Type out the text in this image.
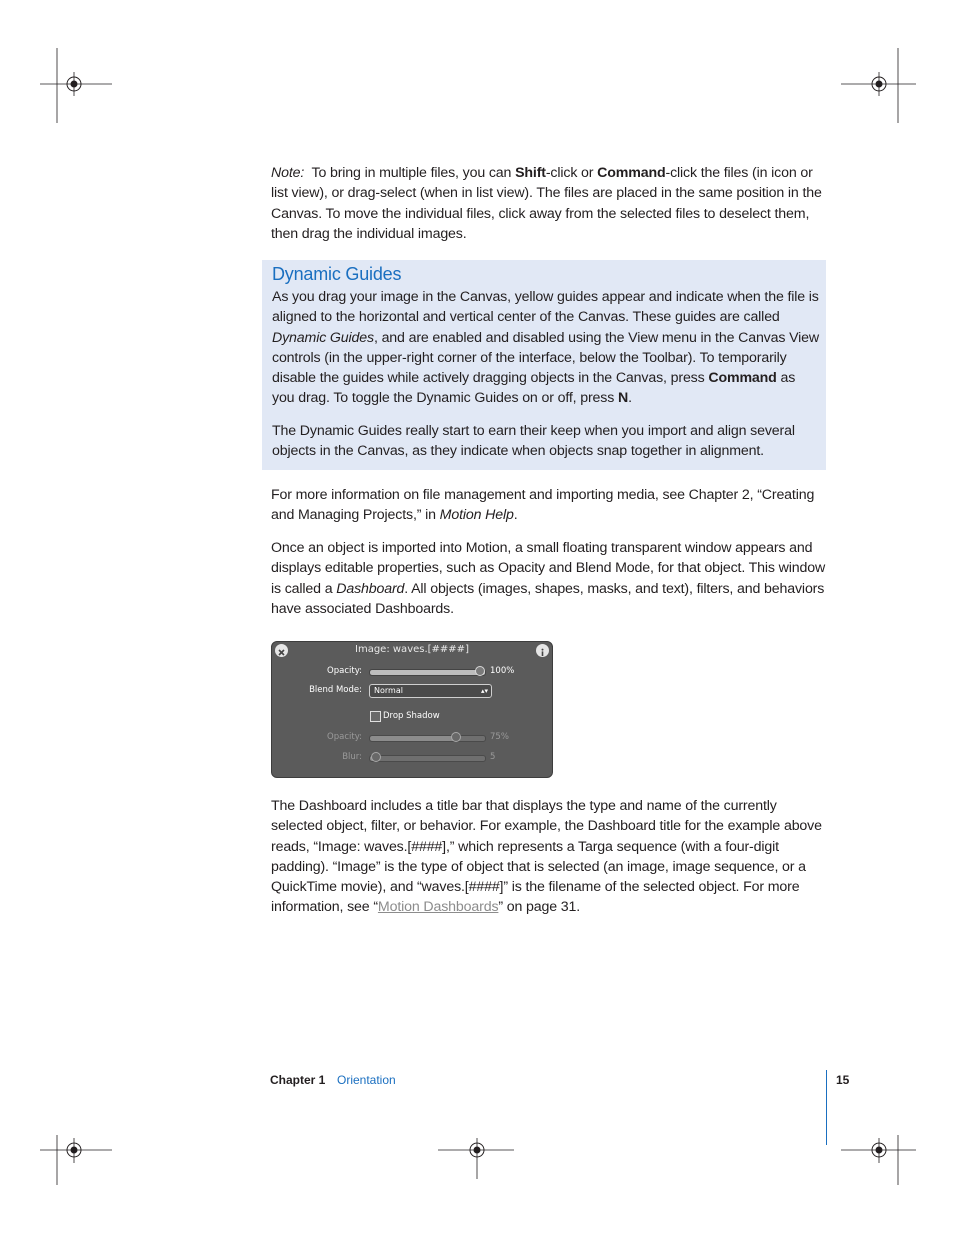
Note: To bring in multiple files, you can Shift-click or Command-click the files (in icon or list view), or drag-select (when in list view). The files are placed in the same position in the Canvas. To move the individual files, click away from the selected files to deselect them, then drag the individual images.

Dynamic Guides

As you drag your image in the Canvas, yellow guides appear and indicate when the file is aligned to the horizontal and vertical center of the Canvas. These guides are called Dynamic Guides, and are enabled and disabled using the View menu in the Canvas View controls (in the upper-right corner of the interface, below the Toolbar). To temporarily disable the guides while actively dragging objects in the Canvas, press Command as you drag. To toggle the Dynamic Guides on or off, press N.

The Dynamic Guides really start to earn their keep when you import and align several objects in the Canvas, as they indicate when objects snap together in alignment.

For more information on file management and importing media, see Chapter 2, “Creating and Managing Projects,” in Motion Help.

Once an object is imported into Motion, a small floating transparent window appears and displays editable properties, such as Opacity and Blend Mode, for that object. This window is called a Dashboard. All objects (images, shapes, masks, and text), filters, and behaviors have associated Dashboards.

Image: waves.[####]
Opacity:	100%
Blend Mode:	Normal	▴▾
Drop Shadow
Opacity:	75%
Blur:	5

The Dashboard includes a title bar that displays the type and name of the currently selected object, filter, or behavior. For example, the Dashboard title for the example above reads, “Image: waves.[####],” which represents a Targa sequence (with a four-digit padding). “Image” is the type of object that is selected (an image, image sequence, or a QuickTime movie), and “waves.[####]” is the filename of the selected object. For more information, see “Motion Dashboards” on page 31.

Chapter 1 Orientation	15
